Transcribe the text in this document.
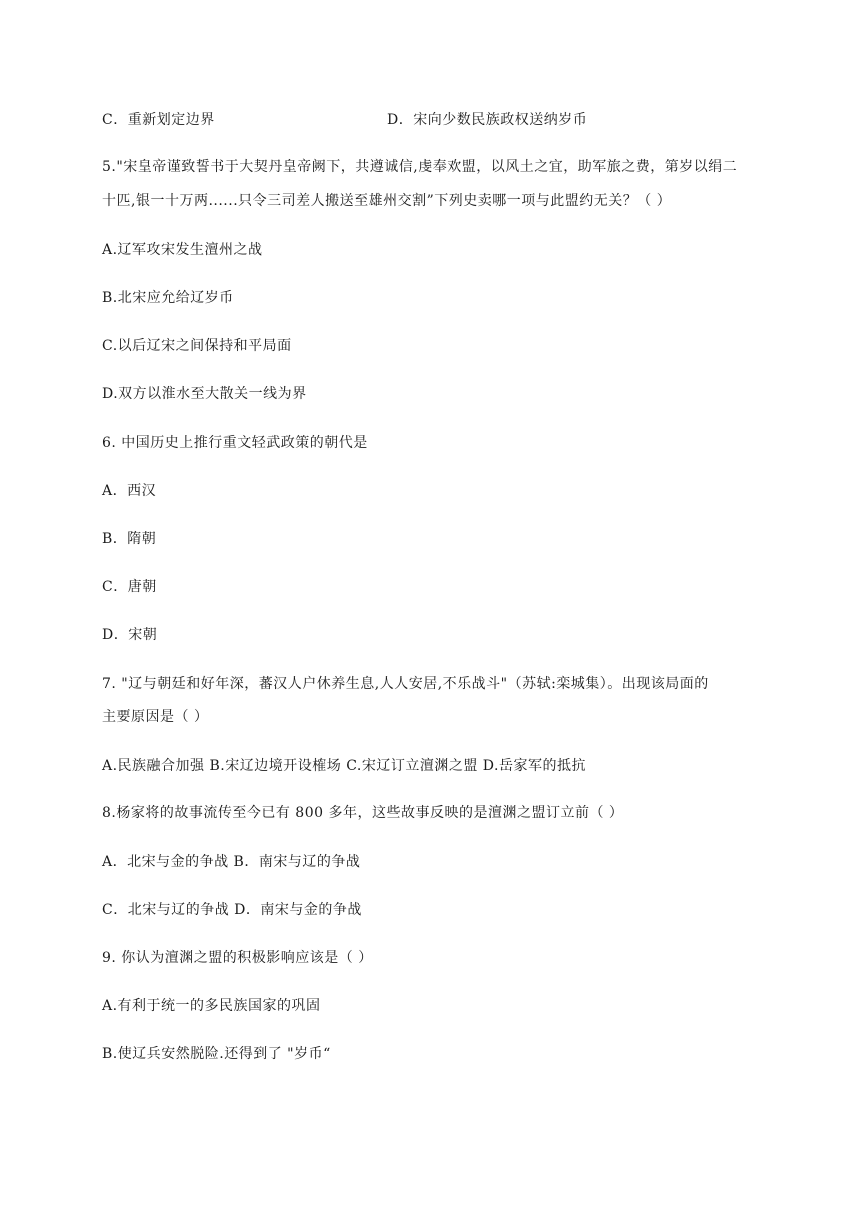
C．重新划定边界	D．宋向少数民族政权送纳岁币
5."宋皇帝谨致誓书于大契丹皇帝阙下，共遵诚信,虔奉欢盟，以风土之宜，助军旅之费，第岁以绢二
十匹,银一十万两......只令三司差人搬送至雄州交割”下列史卖哪一项与此盟约无关？（ ）
A.辽军攻宋发生澶州之战
B.北宋应允给辽岁币
C.以后辽宋之间保持和平局面
D.双方以淮水至大散关一线为界
6. 中国历史上推行重文轻武政策的朝代是
A．西汉
B．隋朝
C．唐朝
D．宋朝
7. "辽与朝廷和好年深，蕃汉人户休养生息,人人安居,不乐战斗"（苏轼:栾城集）。出现该局面的
主要原因是（ ）
A.民族融合加强 B.宋辽边境开设榷场 C.宋辽订立澶渊之盟 D.岳家军的抵抗
8.杨家将的故事流传至今已有 800 多年，这些故事反映的是澶渊之盟订立前（ ）
A．北宋与金的争战 B．南宋与辽的争战
C．北宋与辽的争战 D．南宋与金的争战
9. 你认为澶渊之盟的积极影响应该是（ ）
A.有利于统一的多民族国家的巩固
B.使辽兵安然脱险.还得到了 "岁币“
